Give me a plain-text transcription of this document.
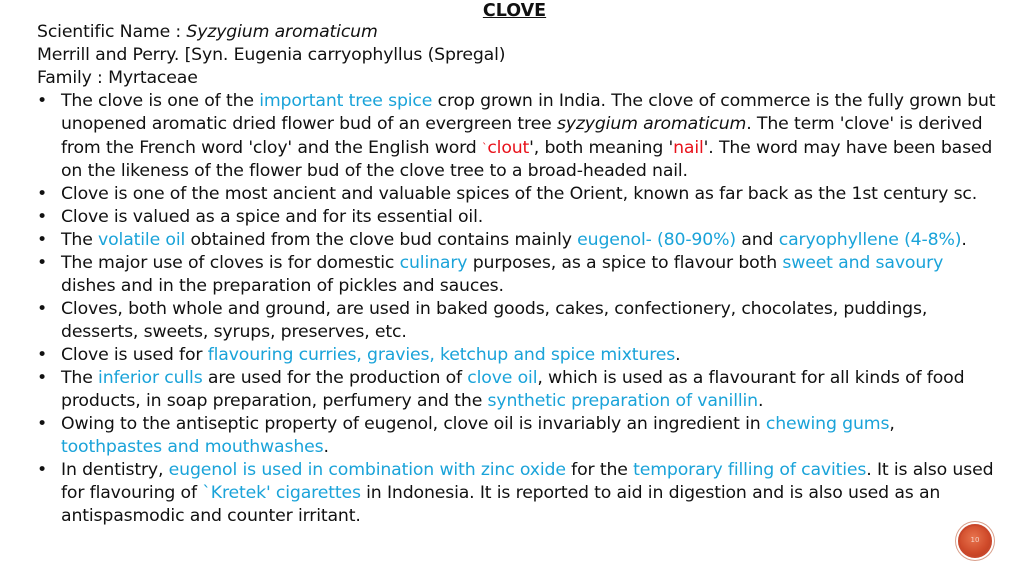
CLOVE

Scientific Name : Syzygium aromaticum

Merrill and Perry. [Syn. Eugenia carryophyllus (Spregal)

Family : Myrtaceae

• The clove is one of the important tree spice crop grown in India. The clove of commerce is the fully grown but unopened aromatic dried flower bud of an evergreen tree syzygium aromaticum. The term 'clove' is derived from the French word 'cloy' and the English word `clout', both meaning 'nail'. The word may have been based on the likeness of the flower bud of the clove tree to a broad-headed nail.
• Clove is one of the most ancient and valuable spices of the Orient, known as far back as the 1st century sc.
• Clove is valued as a spice and for its essential oil.
• The volatile oil obtained from the clove bud contains mainly eugenol- (80-90%) and caryophyllene (4-8%).
• The major use of cloves is for domestic culinary purposes, as a spice to flavour both sweet and savoury dishes and in the preparation of pickles and sauces.
• Cloves, both whole and ground, are used in baked goods, cakes, confectionery, chocolates, puddings, desserts, sweets, syrups, preserves, etc.
• Clove is used for flavouring curries, gravies, ketchup and spice mixtures.
• The inferior culls are used for the production of clove oil, which is used as a flavourant for all kinds of food products, in soap preparation, perfumery and the synthetic preparation of vanillin.
• Owing to the antiseptic property of eugenol, clove oil is invariably an ingredient in chewing gums, toothpastes and mouthwashes.
• In dentistry, eugenol is used in combination with zinc oxide for the temporary filling of cavities. It is also used for flavouring of `Kretek' cigarettes in Indonesia. It is reported to aid in digestion and is also used as an antispasmodic and counter irritant.
10
